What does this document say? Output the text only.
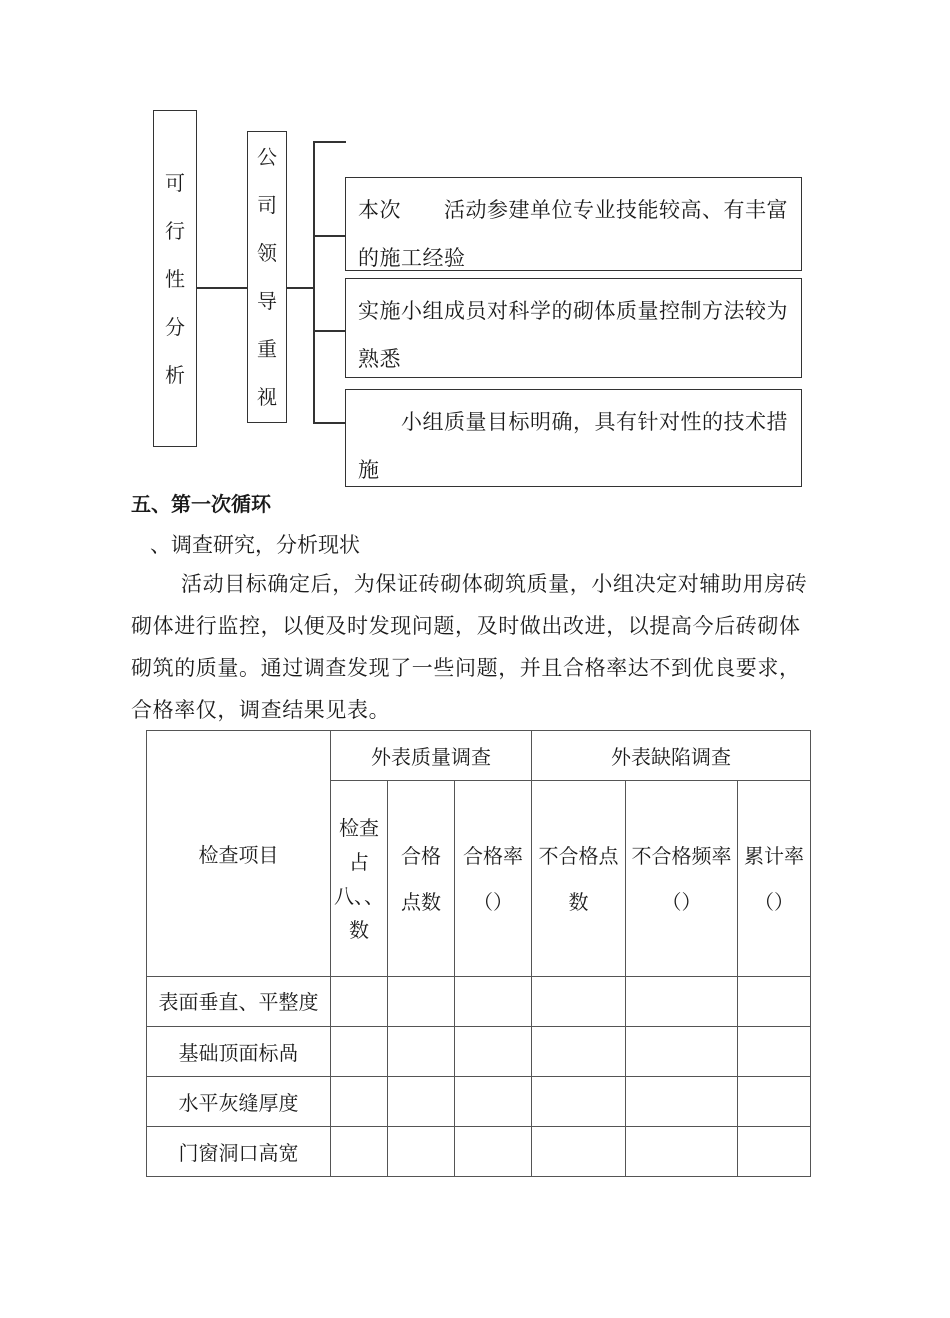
可行性分析
公司领导重视
本次　　活动参建单位专业技能较高、有丰富的施工经验
实施小组成员对科学的砌体质量控制方法较为熟悉
　　小组质量目标明确，具有针对性的技术措施
五、第一次循环
、调查研究，分析现状
活动目标确定后，为保证砖砌体砌筑质量，小组决定对辅助用房砖砌体进行监控，以便及时发现问题，及时做出改进，以提高今后砖砌体砌筑的质量。通过调查发现了一些问题，并且合格率达不到优良要求，合格率仅，调查结果见表。
检查项目	外表质量调查			外表缺陷调查		
	检查占八、、数	合格点数	合格率（）	不合格点数	不合格频率（）	累计率（）
表面垂直、平整度						
基础顶面标咼						
水平灰缝厚度						
门窗洞口高宽						
